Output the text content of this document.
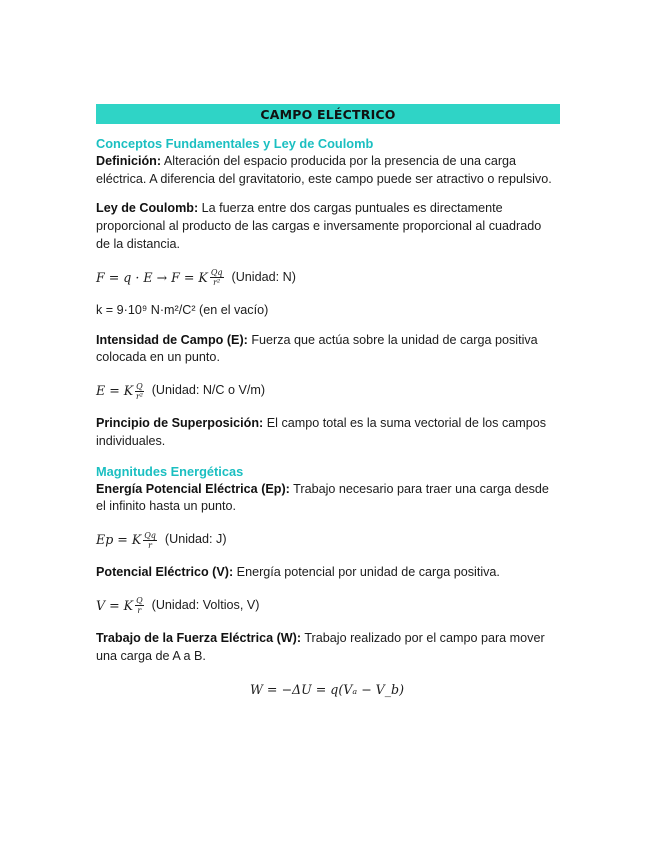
CAMPO ELÉCTRICO

Conceptos Fundamentales y Ley de Coulomb

Definición: Alteración del espacio producida por la presencia de una carga eléctrica. A diferencia del gravitatorio, este campo puede ser atractivo o repulsivo.

Ley de Coulomb: La fuerza entre dos cargas puntuales es directamente proporcional al producto de las cargas e inversamente proporcional al cuadrado de la distancia.

F = q · E → F = K $\frac{Qq}{\text{r²}}$ (Unidad: N)

k = 9·10⁹ N·m²/C² (en el vacío)

Intensidad de Campo (E): Fuerza que actúa sobre la unidad de carga positiva colocada en un punto.

E = K $\frac{Q}{\text{r²}}$ (Unidad: N/C o V/m)

Principio de Superposición: El campo total es la suma vectorial de los campos individuales.

Magnitudes Energéticas

Energía Potencial Eléctrica (Ep): Trabajo necesario para traer una carga desde el infinito hasta un punto.

Ep = K $\frac{Qq}{r}$ (Unidad: J)

Potencial Eléctrico (V): Energía potencial por unidad de carga positiva.

V = K $\frac{Q}{r}$ (Unidad: Voltios, V)

Trabajo de la Fuerza Eléctrica (W): Trabajo realizado por el campo para mover una carga de A a B.

W = −ΔU = q(Vₐ − V_b)
